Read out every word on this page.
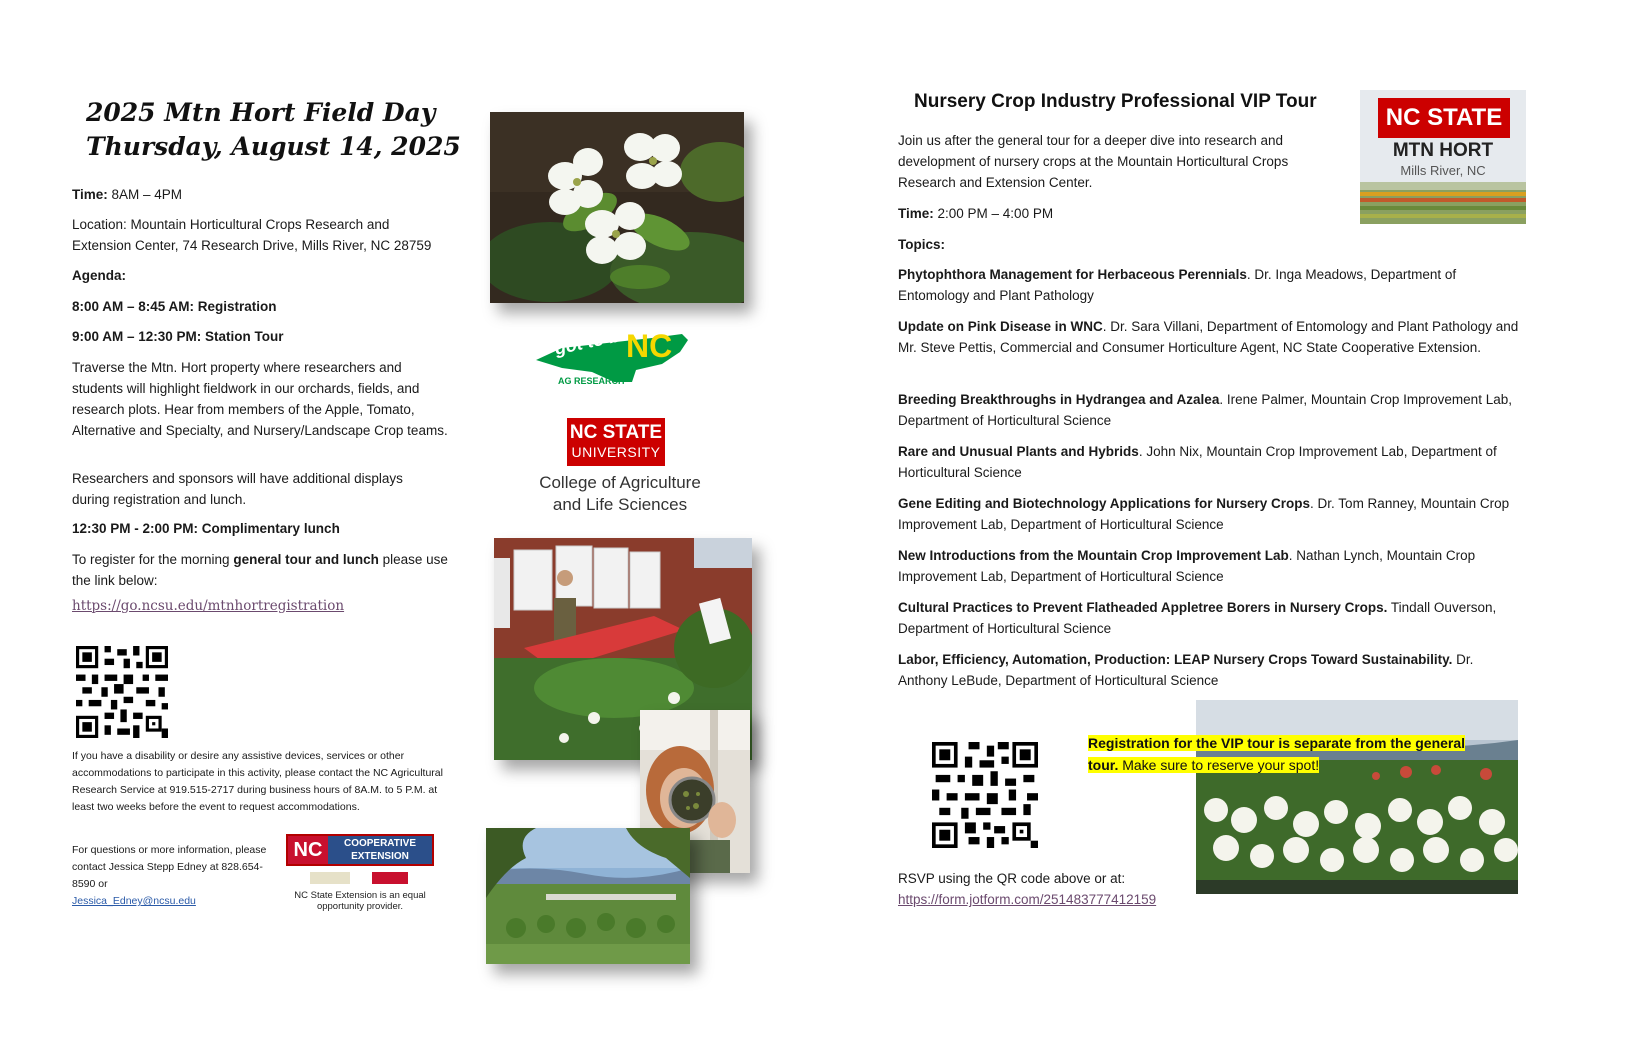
2025 Mtn Hort Field Day
Thursday, August 14, 2025
Time: 8AM – 4PM
Location: Mountain Horticultural Crops Research and Extension Center, 74 Research Drive, Mills River, NC 28759
Agenda:
8:00 AM – 8:45 AM: Registration
9:00 AM – 12:30 PM: Station Tour
Traverse the Mtn. Hort property where researchers and students will highlight fieldwork in our orchards, fields, and research plots. Hear from members of the Apple, Tomato, Alternative and Specialty, and Nursery/Landscape Crop teams.
Researchers and sponsors will have additional displays during registration and lunch.
12:30 PM - 2:00 PM: Complimentary lunch
To register for the morning general tour and lunch please use the link below:
https://go.ncsu.edu/mtnhortregistration
If you have a disability or desire any assistive devices, services or other accommodations to participate in this activity, please contact the NC Agricultural Research Service at 919.515-2717 during business hours of 8A.M. to 5 P.M. at least two weeks before the event to request accommodations.
For questions or more information, please contact Jessica Stepp Edney at 828.654-8590 or
Jessica_Edney@ncsu.edu
NC	COOPERATIVE
EXTENSION
NC State Extension is an equal opportunity provider.
got to be
NC
AG RESEARCH
NC STATE
UNIVERSITY
College of Agriculture
and Life Sciences
Nursery Crop Industry Professional VIP Tour
Join us after the general tour for a deeper dive into research and development of nursery crops at the Mountain Horticultural Crops Research and Extension Center.
Time: 2:00 PM – 4:00 PM
Topics:
Phytophthora Management for Herbaceous Perennials. Dr. Inga Meadows, Department of Entomology and Plant Pathology
Update on Pink Disease in WNC. Dr. Sara Villani, Department of Entomology and Plant Pathology and Mr. Steve Pettis, Commercial and Consumer Horticulture Agent, NC State Cooperative Extension.
Breeding Breakthroughs in Hydrangea and Azalea. Irene Palmer, Mountain Crop Improvement Lab, Department of Horticultural Science
Rare and Unusual Plants and Hybrids. John Nix, Mountain Crop Improvement Lab, Department of Horticultural Science
Gene Editing and Biotechnology Applications for Nursery Crops. Dr. Tom Ranney, Mountain Crop Improvement Lab, Department of Horticultural Science
New Introductions from the Mountain Crop Improvement Lab. Nathan Lynch, Mountain Crop Improvement Lab, Department of Horticultural Science
Cultural Practices to Prevent Flatheaded Appletree Borers in Nursery Crops. Tindall Ouverson, Department of Horticultural Science
Labor, Efficiency, Automation, Production: LEAP Nursery Crops Toward Sustainability. Dr. Anthony LeBude, Department of Horticultural Science
NC STATE
MTN HORT
Mills River, NC
Registration for the VIP tour is separate from the general tour. Make sure to reserve your spot!
RSVP using the QR code above or at:
https://form.jotform.com/251483777412159
